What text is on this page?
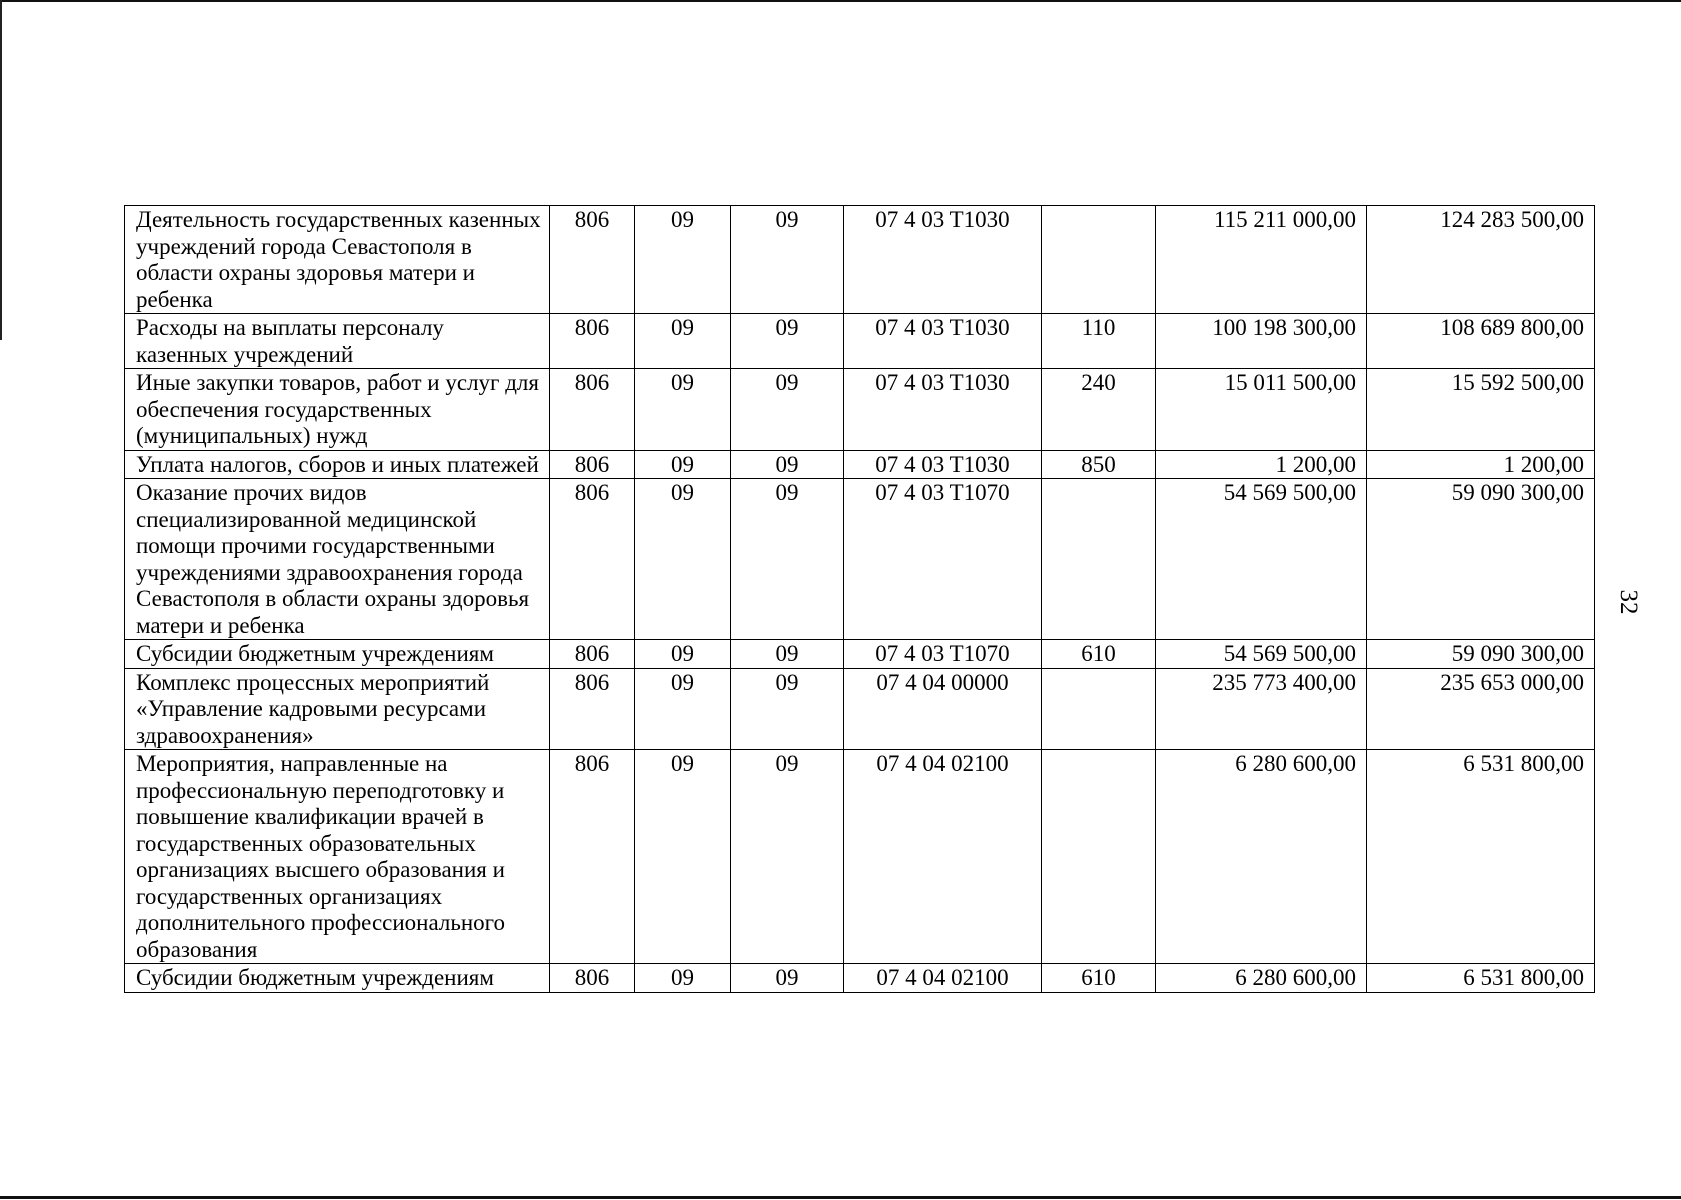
Деятельность государственных казенных учреждений города Севастополя в области охраны здоровья матери и ребенка	806	09	09	07 4 03 T1030		115 211 000,00	124 283 500,00
Расходы на выплаты персоналу казенных учреждений	806	09	09	07 4 03 T1030	110	100 198 300,00	108 689 800,00
Иные закупки товаров, работ и услуг для обеспечения государственных (муниципальных) нужд	806	09	09	07 4 03 T1030	240	15 011 500,00	15 592 500,00
Уплата налогов, сборов и иных платежей	806	09	09	07 4 03 T1030	850	1 200,00	1 200,00
Оказание прочих видов специализированной медицинской помощи прочими государственными учреждениями здравоохранения города Севастополя в области охраны здоровья матери и ребенка	806	09	09	07 4 03 T1070		54 569 500,00	59 090 300,00
Субсидии бюджетным учреждениям	806	09	09	07 4 03 T1070	610	54 569 500,00	59 090 300,00
Комплекс процессных мероприятий «Управление кадровыми ресурсами здравоохранения»	806	09	09	07 4 04 00000		235 773 400,00	235 653 000,00
Мероприятия, направленные на профессиональную переподготовку и повышение квалификации врачей в государственных образовательных организациях высшего образования и государственных организациях дополнительного профессионального образования	806	09	09	07 4 04 02100		6 280 600,00	6 531 800,00
Субсидии бюджетным учреждениям	806	09	09	07 4 04 02100	610	6 280 600,00	6 531 800,00
32
